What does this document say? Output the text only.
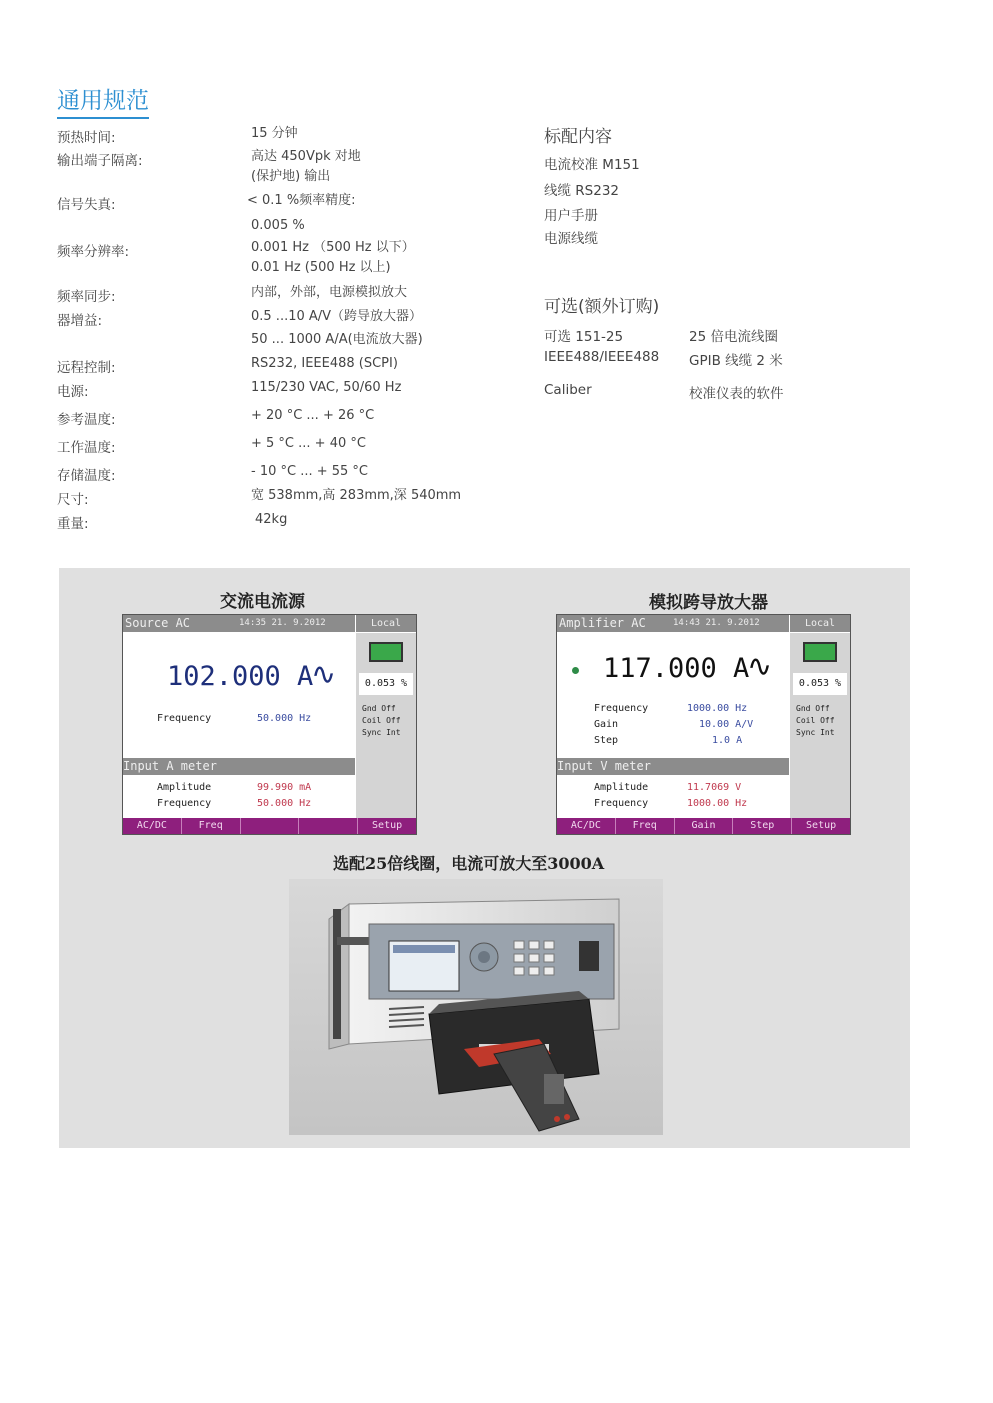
通用规范
预热时间:	15 分钟
输出端子隔离:	高达 450Vpk 对地
(保护地) 输出
信号失真:	< 0.1 %频率精度:
0.005 %
频率分辨率:	0.001 Hz （500 Hz 以下）
0.01 Hz (500 Hz 以上)
频率同步:	内部，外部，电源模拟放大
器增益:	0.5 ...10 A/V（跨导放大器）
50 ... 1000 A/A(电流放大器)
远程控制:	RS232, IEEE488 (SCPI)
电源:	115/230 VAC, 50/60 Hz
参考温度:	+ 20 °C ... + 26 °C
工作温度:	+ 5 °C ... + 40 °C
存储温度:	- 10 °C ... + 55 °C
尺寸:	宽 538mm,高 283mm,深 540mm
重量:	42kg
标配内容
电流校准 M151
线缆 RS232
用户手册
电源线缆
可选(额外订购)
可选 151-25	25 倍电流线圈
IEEE488/IEEE488 GPIB 线缆 2 米
Caliber	校准仪表的软件
交流电流源	模拟跨导放大器
Source AC	14:35 21. 9.2012	Local
0.053 %
Gnd Off
Coil Off
Sync Int
102.000 A
∿
Frequency	50.000 Hz
Input A meter
Amplitude	99.990 mA
Frequency	50.000 Hz
AC/DC	Freq	Setup
Amplifier AC	14:43 21. 9.2012	Local
0.053 %
Gnd Off
Coil Off
Sync Int
117.000 A
∿
Frequency	1000.00 Hz
Gain	10.00 A/V
Step	1.0 A
Input V meter
Amplitude	11.7069 V
Frequency	1000.00 Hz
AC/DC	Freq	Gain	Step	Setup
选配25倍线圈，电流可放大至3000A
